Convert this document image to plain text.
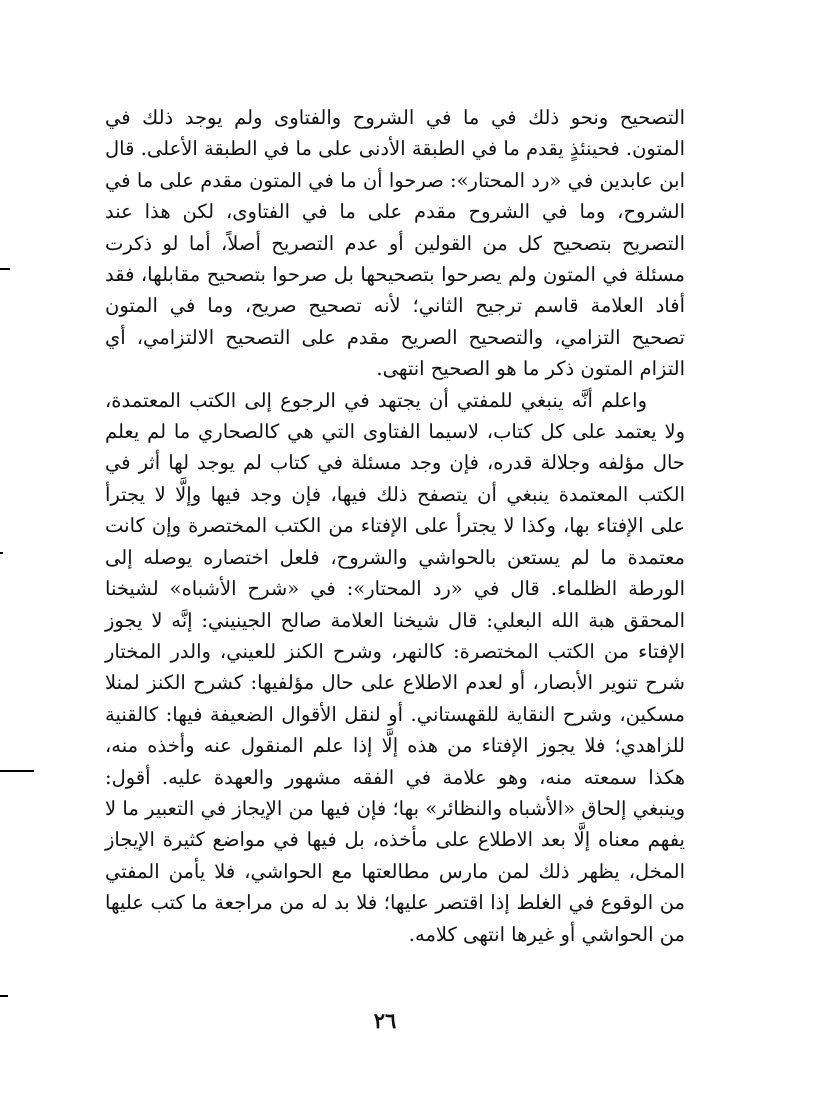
التصحيح ونحو ذلك في ما في الشروح والفتاوى ولم يوجد ذلك في المتون. فحينئذٍ يقدم ما في الطبقة الأدنى على ما في الطبقة الأعلى. قال ابن عابدين في «رد المحتار»: صرحوا أن ما في المتون مقدم على ما في الشروح، وما في الشروح مقدم على ما في الفتاوى، لكن هذا عند التصريح بتصحيح كل من القولين أو عدم التصريح أصلاً، أما لو ذكرت مسئلة في المتون ولم يصرحوا بتصحيحها بل صرحوا بتصحيح مقابلها، فقد أفاد العلامة قاسم ترجيح الثاني؛ لأنه تصحيح صريح، وما في المتون تصحيح التزامي، والتصحيح الصريح مقدم على التصحيح الالتزامي، أي التزام المتون ذكر ما هو الصحيح انتهى.

واعلم أنَّه ينبغي للمفتي أن يجتهد في الرجوع إلى الكتب المعتمدة، ولا يعتمد على كل كتاب، لاسيما الفتاوى التي هي كالصحاري ما لم يعلم حال مؤلفه وجلالة قدره، فإن وجد مسئلة في كتاب لم يوجد لها أثر في الكتب المعتمدة ينبغي أن يتصفح ذلك فيها، فإن وجد فيها وإلَّا لا يجترأ على الإفتاء بها، وكذا لا يجترأ على الإفتاء من الكتب المختصرة وإن كانت معتمدة ما لم يستعن بالحواشي والشروح، فلعل اختصاره يوصله إلى الورطة الظلماء. قال في «رد المحتار»: في «شرح الأشباه» لشيخنا المحقق هبة الله البعلي: قال شيخنا العلامة صالح الجينيني: إنَّه لا يجوز الإفتاء من الكتب المختصرة: كالنهر، وشرح الكنز للعيني، والدر المختار شرح تنوير الأبصار، أو لعدم الاطلاع على حال مؤلفيها: كشرح الكنز لمنلا مسكين، وشرح النقاية للقهستاني. أو لنقل الأقوال الضعيفة فيها: كالقنية للزاهدي؛ فلا يجوز الإفتاء من هذه إلَّا إذا علم المنقول عنه وأخذه منه، هكذا سمعته منه، وهو علامة في الفقه مشهور والعهدة عليه. أقول: وينبغي إلحاق «الأشباه والنظائر» بها؛ فإن فيها من الإيجاز في التعبير ما لا يفهم معناه إلَّا بعد الاطلاع على مأخذه، بل فيها في مواضع كثيرة الإيجاز المخل، يظهر ذلك لمن مارس مطالعتها مع الحواشي، فلا يأمن المفتي من الوقوع في الغلط إذا اقتصر عليها؛ فلا بد له من مراجعة ما كتب عليها من الحواشي أو غيرها انتهى كلامه.

٢٦
